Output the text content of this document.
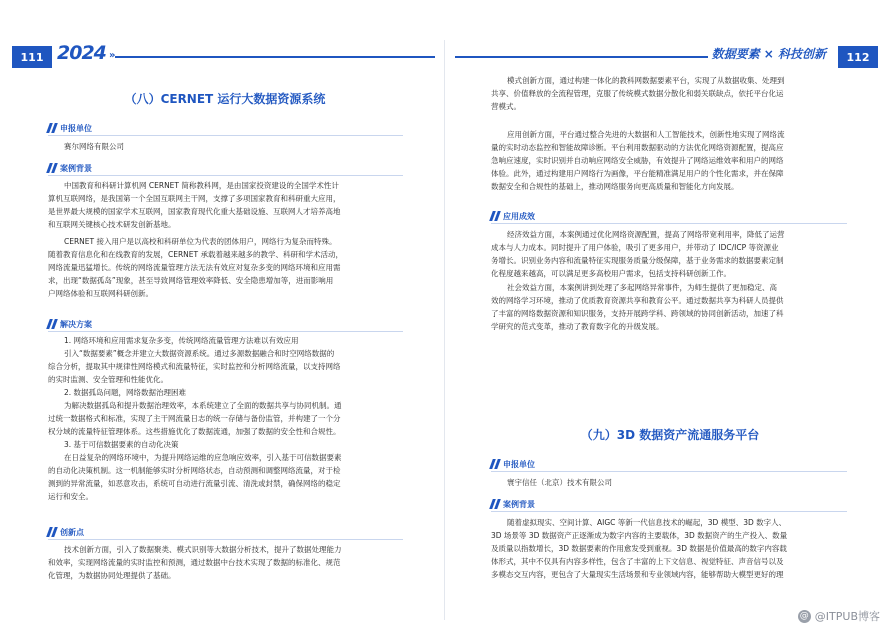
111 2024 »
（八）CERNET 运行大数据资源系统
申报单位

赛尔网络有限公司

案例背景

中国教育和科研计算机网 CERNET 简称教科网，是由国家投资建设的全国学术性计
算机互联网络，是我国第一个全国互联网主干网，支撑了多项国家教育和科研重大应用，
是世界最大规模的国家学术互联网，国家教育现代化重大基础设施、互联网人才培养高地
和互联网关键核心技术研发创新基地。

CERNET 接入用户是以高校和科研单位为代表的团体用户，网络行为复杂而特殊。
随着教育信息化和在线教育的发展，CERNET 承载着越来越多的教学、科研和学术活动，
网络流量迅猛增长。传统的网络流量管理方法无法有效应对复杂多变的网络环境和应用需
求，出现“数据孤岛”现象，甚至导致网络管理效率降低、安全隐患增加等，进而影响用
户网络体验和互联网科研创新。

解决方案

1. 网络环境和应用需求复杂多变，传统网络流量管理方法难以有效应用
引入“数据要素”概念并建立大数据资源系统。通过多源数据融合和时空网络数据的
综合分析，提取其中规律性网络模式和流量特征，实时监控和分析网络流量，以支持网络
的实时监测、安全管理和性能优化。
2. 数据孤岛问题，网络数据治理困难
为解决数据孤岛和提升数据治理效率，本系统建立了全面的数据共享与协同机制。通
过统一数据格式和标准，实现了主干网流量日志的统一存储与备份监管，并构建了一个分
权分域的流量特征管理体系。这些措施优化了数据流通，加强了数据的安全性和合规性。
3. 基于可信数据要素的自动化决策
在日益复杂的网络环境中，为提升网络运维的应急响应效率，引入基于可信数据要素
的自动化决策机制。这一机制能够实时分析网络状态，自动预测和调整网络流量，对于检
测到的异常流量，如恶意攻击，系统可自动进行流量引流、清洗或封禁，确保网络的稳定
运行和安全。

创新点

技术创新方面，引入了数据聚类、模式识别等大数据分析技术，提升了数据处理能力
和效率，实现网络流量的实时监控和预测，通过数据中台技术实现了数据的标准化、规范
化管理，为数据协同处理提供了基础。

数据要素 × 科技创新	112

模式创新方面，通过构建一体化的教科网数据要素平台，实现了从数据收集、处理到
共享、价值释放的全流程管理，克服了传统模式数据分散化和弱关联缺点，依托平台化运
营模式。

应用创新方面，平台通过整合先进的大数据和人工智能技术，创新性地实现了网络流
量的实时动态监控和智能故障诊断。平台利用数据驱动的方法优化网络资源配置，提高应
急响应速度，实时识别并自动响应网络安全威胁，有效提升了网络运维效率和用户的网络
体验。此外，通过构建用户网络行为画像，平台能精准满足用户的个性化需求，并在保障
数据安全和合规性的基础上，推动网络服务向更高质量和智能化方向发展。

应用成效

经济效益方面，本案例通过优化网络资源配置，提高了网络带宽利用率，降低了运营
成本与人力成本。同时提升了用户体验，吸引了更多用户，并带动了 IDC/ICP 等资源业
务增长。识别业务内容和流量特征实现服务质量分级保障，基于业务需求的数据要素定制
化程度越来越高，可以满足更多高校用户需求，包括支持科研创新工作。

社会效益方面，本案例讲到处理了多起网络异常事件，为师生提供了更加稳定、高
效的网络学习环境，推动了优质教育资源共享和教育公平。通过数据共享为科研人员提供
了丰富的网络数据资源和知识服务，支持开展跨学科、跨领域的协同创新活动，加速了科
学研究的范式变革，推动了教育数字化的升级发展。

（九）3D 数据资产流通服务平台
申报单位

寰宇信任（北京）技术有限公司

案例背景

随着虚拟现实、空间计算、AIGC 等新一代信息技术的崛起，3D 模型、3D 数字人、
3D 场景等 3D 数据资产正逐渐成为数字内容的主要载体，3D 数据资产的生产投入、数量
及质量以指数增长，3D 数据要素的作用愈发受到重视。3D 数据是价值最高的数字内容载
体形式，其中不仅具有内容多样性，包含了丰富的上下文信息、视觉特征、声音信号以及
多模态交互内容，更包含了大量现实生活场景和专业领域内容，能够帮助大模型更好的理

@ @ITPUB博客
